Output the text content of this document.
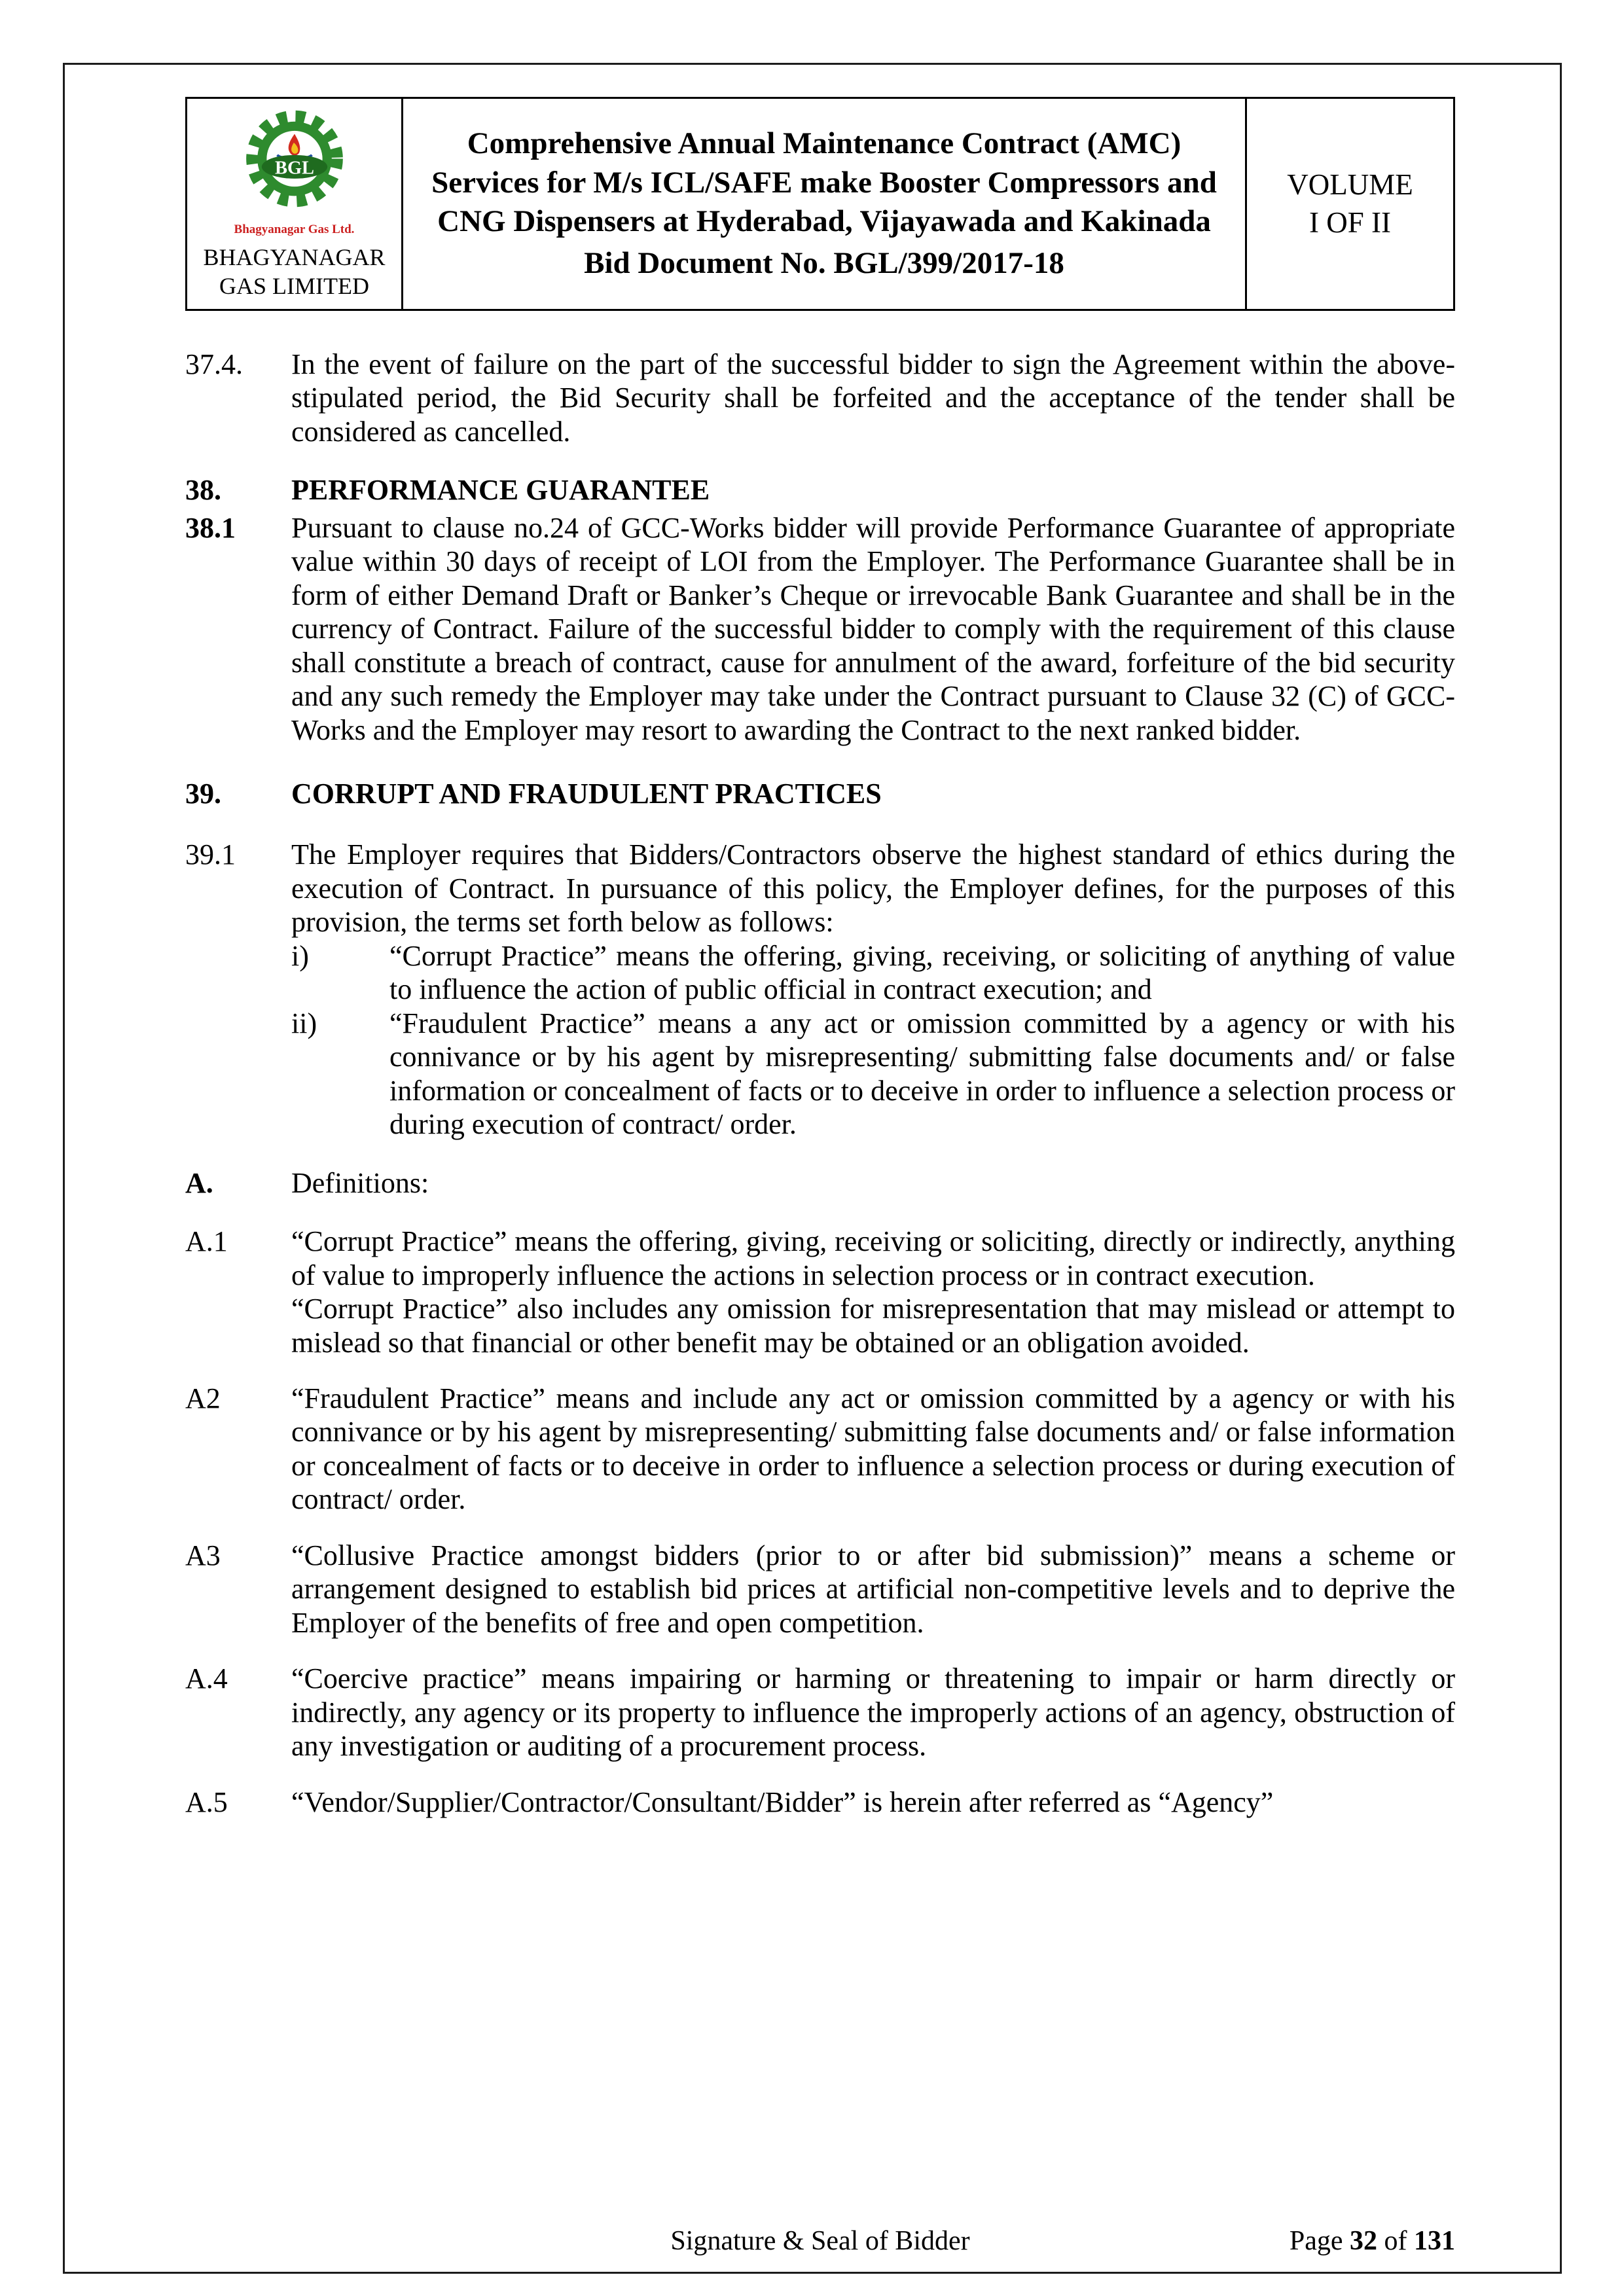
BGL
Bhagyanagar Gas Ltd.
BHAGYANAGAR
GAS LIMITED

Comprehensive Annual Maintenance Contract (AMC) Services for M/s ICL/SAFE make Booster Compressors and CNG Dispensers at Hyderabad, Vijayawada and Kakinada
Bid Document No. BGL/399/2017-18

VOLUME
I OF II
37.4.	In the event of failure on the part of the successful bidder to sign the Agreement within the above-stipulated period, the Bid Security shall be forfeited and the acceptance of the tender shall be considered as cancelled.
38.	PERFORMANCE GUARANTEE
38.1	Pursuant to clause no.24 of GCC-Works bidder will provide Performance Guarantee of appropriate value within 30 days of receipt of LOI from the Employer. The Performance Guarantee shall be in form of either Demand Draft or Banker’s Cheque or irrevocable Bank Guarantee and shall be in the currency of Contract. Failure of the successful bidder to comply with the requirement of this clause shall constitute a breach of contract, cause for annulment of the award, forfeiture of the bid security and any such remedy the Employer may take under the Contract pursuant to Clause 32 (C) of GCC-Works and the Employer may resort to awarding the Contract to the next ranked bidder.
39.	CORRUPT AND FRAUDULENT PRACTICES
39.1	The Employer requires that Bidders/Contractors observe the highest standard of ethics during the execution of Contract. In pursuance of this policy, the Employer defines, for the purposes of this provision, the terms set forth below as follows:
i)	“Corrupt Practice” means the offering, giving, receiving, or soliciting of anything of value to influence the action of public official in contract execution; and
ii)	“Fraudulent Practice” means a any act or omission committed by a agency or with his connivance or by his agent by misrepresenting/ submitting false documents and/ or false information or concealment of facts or to deceive in order to influence a selection process or during execution of contract/ order.
A.	Definitions:
A.1	“Corrupt Practice” means the offering, giving, receiving or soliciting, directly or indirectly, anything of value to improperly influence the actions in selection process or in contract execution.
“Corrupt Practice” also includes any omission for misrepresentation that may mislead or attempt to mislead so that financial or other benefit may be obtained or an obligation avoided.
A2	“Fraudulent Practice” means and include any act or omission committed by a agency or with his connivance or by his agent by misrepresenting/ submitting false documents and/ or false information or concealment of facts or to deceive in order to influence a selection process or during execution of contract/ order.
A3	“Collusive Practice amongst bidders (prior to or after bid submission)” means a scheme or arrangement designed to establish bid prices at artificial non-competitive levels and to deprive the Employer of the benefits of free and open competition.
A.4	“Coercive practice” means impairing or harming or threatening to impair or harm directly or indirectly, any agency or its property to influence the improperly actions of an agency, obstruction of any investigation or auditing of a procurement process.
A.5	“Vendor/Supplier/Contractor/Consultant/Bidder” is herein after referred as “Agency”
Signature & Seal of Bidder	Page 32 of 131
